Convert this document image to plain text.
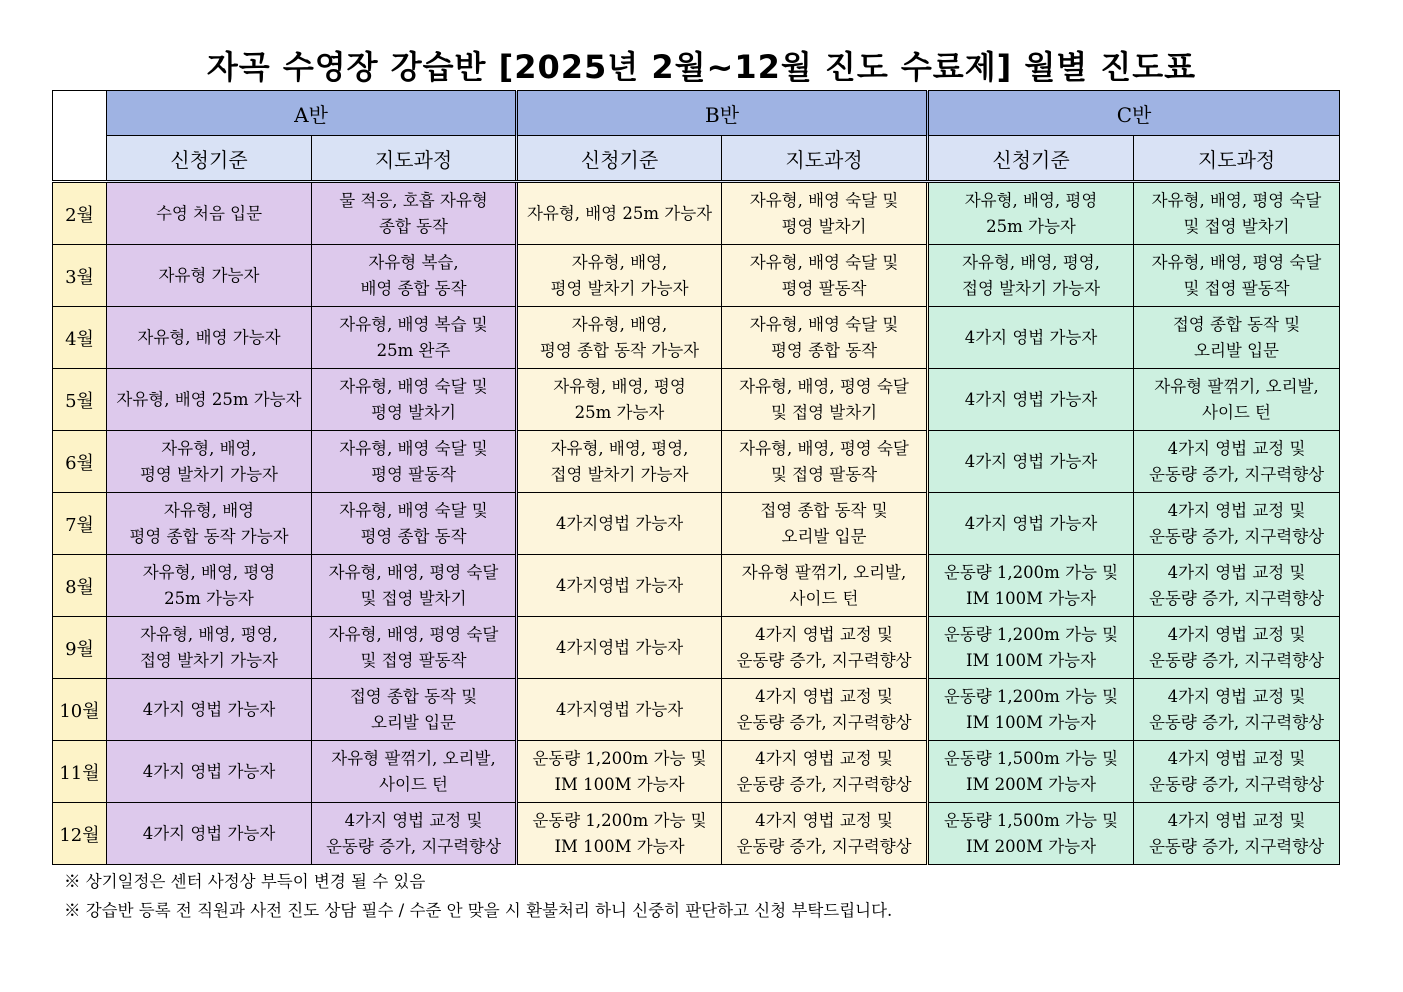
자곡 수영장 강습반 [2025년 2월~12월 진도 수료제] 월별 진도표
	A반		B반		C반	
	신청기준	지도과정	신청기준	지도과정	신청기준	지도과정
2월	수영 처음 입문	물 적응, 호흡 자유형
종합 동작	자유형, 배영 25m 가능자	자유형, 배영 숙달 및
평영 발차기	자유형, 배영, 평영
25m 가능자	자유형, 배영, 평영 숙달
및 접영 발차기

3월	자유형 가능자	자유형 복습,
배영 종합 동작	자유형, 배영,
평영 발차기 가능자	자유형, 배영 숙달 및
평영 팔동작	자유형, 배영, 평영,
접영 발차기 가능자	자유형, 배영, 평영 숙달
및 접영 팔동작

4월	자유형, 배영 가능자	자유형, 배영 복습 및
25m 완주	자유형, 배영,
평영 종합 동작 가능자	자유형, 배영 숙달 및
평영 종합 동작	4가지 영법 가능자	접영 종합 동작 및
오리발 입문

5월	자유형, 배영 25m 가능자	자유형, 배영 숙달 및
평영 발차기	자유형, 배영, 평영
25m 가능자	자유형, 배영, 평영 숙달
및 접영 발차기	4가지 영법 가능자	자유형 팔꺾기, 오리발,
사이드 턴

6월	자유형, 배영,
평영 발차기 가능자	자유형, 배영 숙달 및
평영 팔동작	자유형, 배영, 평영,
접영 발차기 가능자	자유형, 배영, 평영 숙달
및 접영 팔동작	4가지 영법 가능자	4가지 영법 교정 및
운동량 증가, 지구력향상

7월	자유형, 배영
평영 종합 동작 가능자	자유형, 배영 숙달 및
평영 종합 동작	4가지영법 가능자	접영 종합 동작 및
오리발 입문	4가지 영법 가능자	4가지 영법 교정 및
운동량 증가, 지구력향상

8월	자유형, 배영, 평영
25m 가능자	자유형, 배영, 평영 숙달
및 접영 발차기	4가지영법 가능자	자유형 팔꺾기, 오리발,
사이드 턴	운동량 1,200m 가능 및
IM 100M 가능자	4가지 영법 교정 및
운동량 증가, 지구력향상

9월	자유형, 배영, 평영,
접영 발차기 가능자	자유형, 배영, 평영 숙달
및 접영 팔동작	4가지영법 가능자	4가지 영법 교정 및
운동량 증가, 지구력향상	운동량 1,200m 가능 및
IM 100M 가능자	4가지 영법 교정 및
운동량 증가, 지구력향상

10월	4가지 영법 가능자	접영 종합 동작 및
오리발 입문	4가지영법 가능자	4가지 영법 교정 및
운동량 증가, 지구력향상	운동량 1,200m 가능 및
IM 100M 가능자	4가지 영법 교정 및
운동량 증가, 지구력향상

11월	4가지 영법 가능자	자유형 팔꺾기, 오리발,
사이드 턴	운동량 1,200m 가능 및
IM 100M 가능자	4가지 영법 교정 및
운동량 증가, 지구력향상	운동량 1,500m 가능 및
IM 200M 가능자	4가지 영법 교정 및
운동량 증가, 지구력향상

12월	4가지 영법 가능자	4가지 영법 교정 및
운동량 증가, 지구력향상	운동량 1,200m 가능 및
IM 100M 가능자	4가지 영법 교정 및
운동량 증가, 지구력향상	운동량 1,500m 가능 및
IM 200M 가능자	4가지 영법 교정 및
운동량 증가, 지구력향상
※ 상기일정은 센터 사정상 부득이 변경 될 수 있음
※ 강습반 등록 전 직원과 사전 진도 상담 필수 / 수준 안 맞을 시 환불처리 하니 신중히 판단하고 신청 부탁드립니다.
